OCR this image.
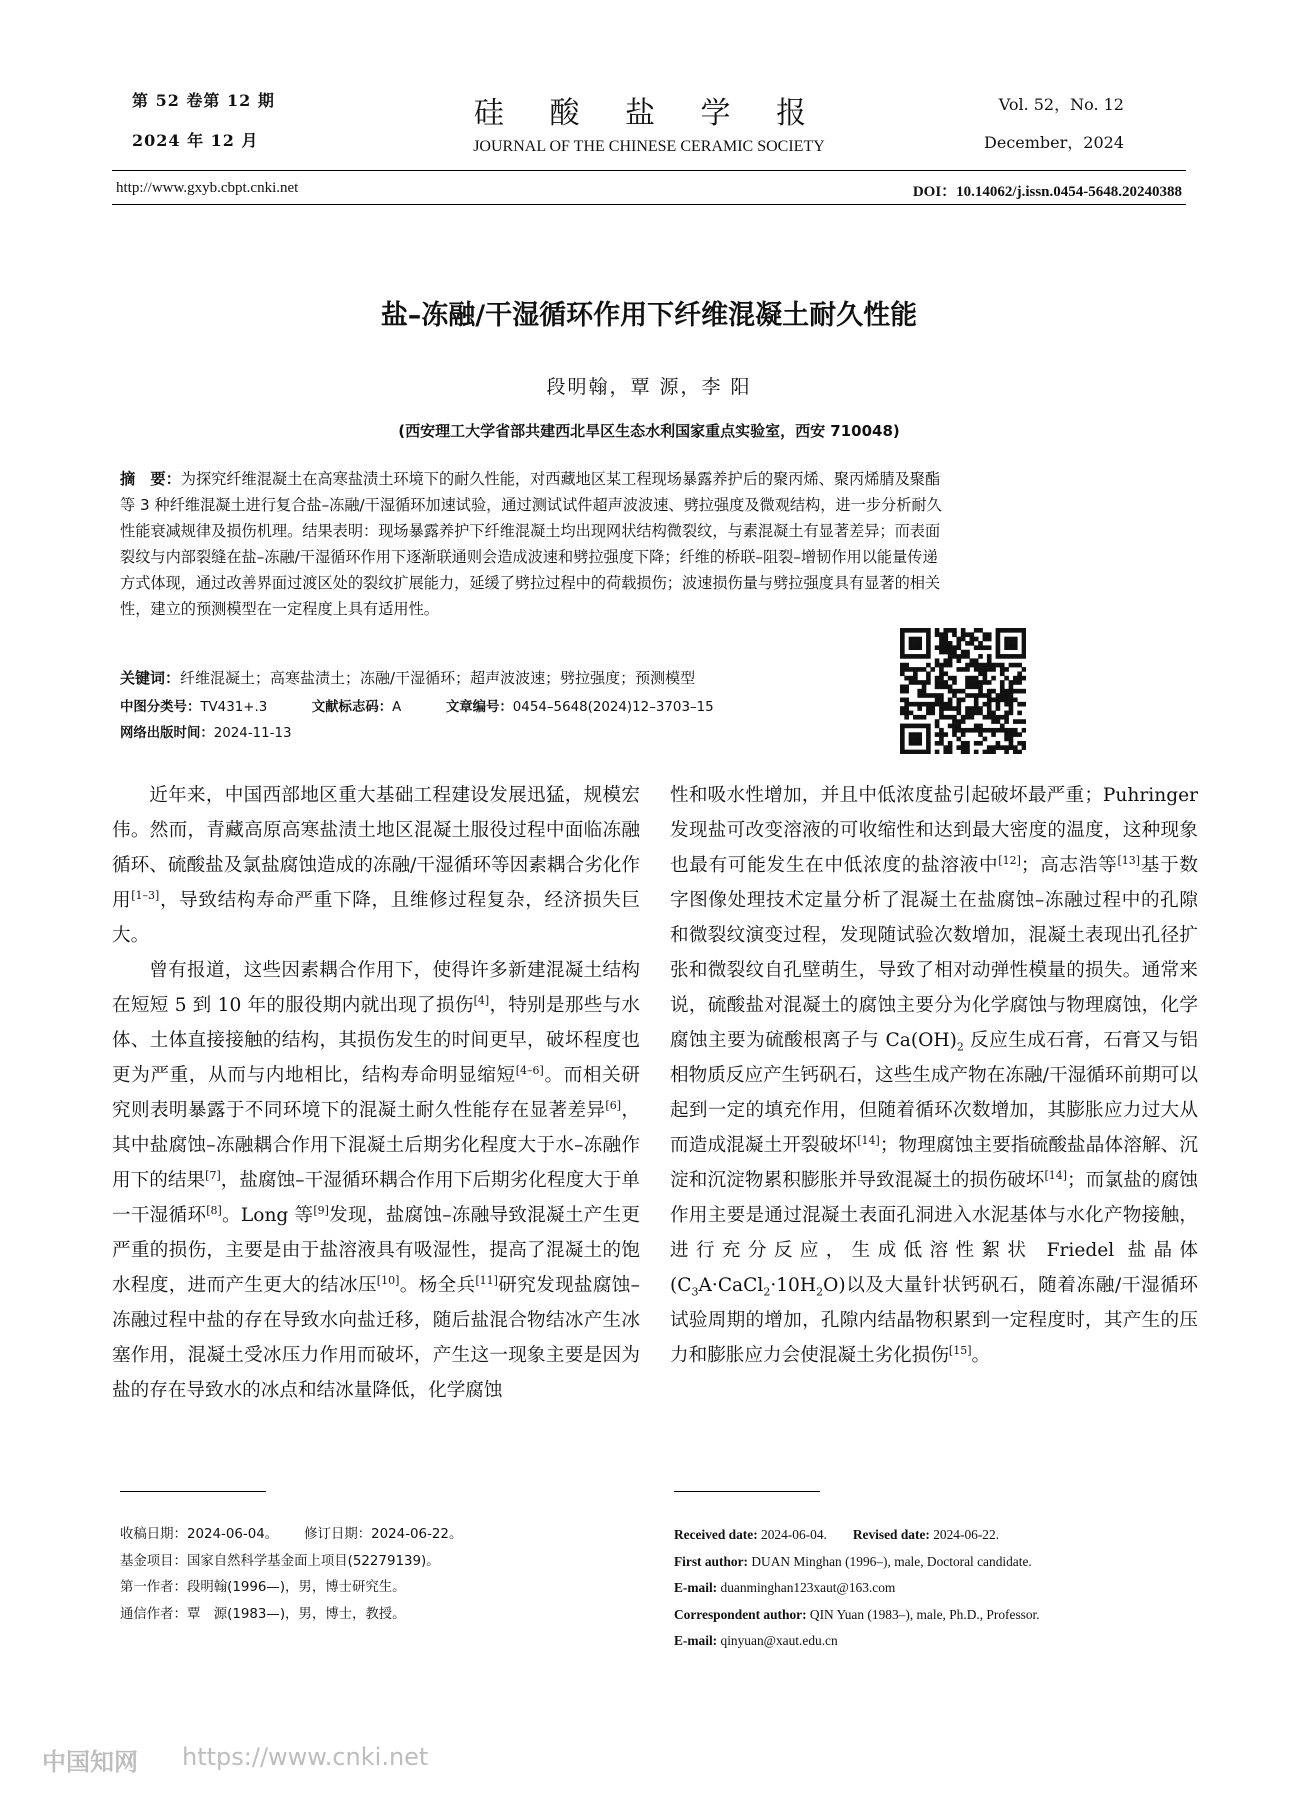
第 52 卷第 12 期
2024 年 12 月
硅 酸 盐 学 报
JOURNAL OF THE CHINESE CERAMIC SOCIETY
Vol. 52，No. 12
December，2024
http://www.gxyb.cbpt.cnki.net	DOI：10.14062/j.issn.0454-5648.20240388
盐–冻融/干湿循环作用下纤维混凝土耐久性能
段明翰，覃 源，李 阳
(西安理工大学省部共建西北旱区生态水利国家重点实验室，西安 710048)
摘　要：为探究纤维混凝土在高寒盐渍土环境下的耐久性能，对西藏地区某工程现场暴露养护后的聚丙烯、聚丙烯腈及聚酯
等 3 种纤维混凝土进行复合盐–冻融/干湿循环加速试验，通过测试试件超声波波速、劈拉强度及微观结构，进一步分析耐久
性能衰减规律及损伤机理。结果表明：现场暴露养护下纤维混凝土均出现网状结构微裂纹，与素混凝土有显著差异；而表面
裂纹与内部裂缝在盐–冻融/干湿循环作用下逐渐联通则会造成波速和劈拉强度下降；纤维的桥联–阻裂–增韧作用以能量传递
方式体现，通过改善界面过渡区处的裂纹扩展能力，延缓了劈拉过程中的荷载损伤；波速损伤量与劈拉强度具有显著的相关
性，建立的预测模型在一定程度上具有适用性。
关键词：纤维混凝土；高寒盐渍土；冻融/干湿循环；超声波波速；劈拉强度；预测模型
中图分类号：TV431+.3	文献标志码：A	文章编号：0454–5648(2024)12–3703–15
网络出版时间：2024-11-13

近年来，中国西部地区重大基础工程建设发展迅猛，规模宏伟。然而，青藏高原高寒盐渍土地区混凝土服役过程中面临冻融循环、硫酸盐及氯盐腐蚀造成的冻融/干湿循环等因素耦合劣化作用[1–3]，导致结构寿命严重下降，且维修过程复杂，经济损失巨大。

曾有报道，这些因素耦合作用下，使得许多新建混凝土结构在短短 5 到 10 年的服役期内就出现了损伤[4]，特别是那些与水体、土体直接接触的结构，其损伤发生的时间更早，破坏程度也更为严重，从而与内地相比，结构寿命明显缩短[4–6]。而相关研究则表明暴露于不同环境下的混凝土耐久性能存在显著差异[6]，其中盐腐蚀–冻融耦合作用下混凝土后期劣化程度大于水–冻融作用下的结果[7]，盐腐蚀–干湿循环耦合作用下后期劣化程度大于单一干湿循环[8]。Long 等[9]发现，盐腐蚀–冻融导致混凝土产生更严重的损伤，主要是由于盐溶液具有吸湿性，提高了混凝土的饱水程度，进而产生更大的结冰压[10]。杨全兵[11]研究发现盐腐蚀–冻融过程中盐的存在导致水向盐迁移，随后盐混合物结冰产生冰塞作用，混凝土受冰压力作用而破坏，产生这一现象主要是因为盐的存在导致水的冰点和结冰量降低，化学腐蚀

性和吸水性增加，并且中低浓度盐引起破坏最严重；Puhringer 发现盐可改变溶液的可收缩性和达到最大密度的温度，这种现象也最有可能发生在中低浓度的盐溶液中[12]；高志浩等[13]基于数字图像处理技术定量分析了混凝土在盐腐蚀–冻融过程中的孔隙和微裂纹演变过程，发现随试验次数增加，混凝土表现出孔径扩张和微裂纹自孔壁萌生，导致了相对动弹性模量的损失。通常来说，硫酸盐对混凝土的腐蚀主要分为化学腐蚀与物理腐蚀，化学腐蚀主要为硫酸根离子与 $Ca(OH)_2$ 反应生成石膏，石膏又与铝相物质反应产生钙矾石，这些生成产物在冻融/干湿循环前期可以起到一定的填充作用，但随着循环次数增加，其膨胀应力过大从而造成混凝土开裂破坏[14]；物理腐蚀主要指硫酸盐晶体溶解、沉淀和沉淀物累积膨胀并导致混凝土的损伤破坏[14]；而氯盐的腐蚀作用主要是通过混凝土表面孔洞进入水泥基体与水化产物接触，进行充分反应，生成低溶性絮状 Friedel 盐晶体$(C_3A\cdot CaCl_2\cdot 10H_2O)$以及大量针状钙矾石，随着冻融/干湿循环试验周期的增加，孔隙内结晶物积累到一定程度时，其产生的压力和膨胀应力会使混凝土劣化损伤[15]。

收稿日期：2024-06-04。 修订日期：2024-06-22。
基金项目：国家自然科学基金面上项目(52279139)。
第一作者：段明翰(1996—)，男，博士研究生。
通信作者：覃　源(1983—)，男，博士，教授。
Received date: 2024-06-04. Revised date: 2024-06-22.
First author: DUAN Minghan (1996–), male, Doctoral candidate.
E-mail: duanminghan123xaut@163.com
Correspondent author: QIN Yuan (1983–), male, Ph.D., Professor.
E-mail: qinyuan@xaut.edu.cn
中国知网 https://www.cnki.net
